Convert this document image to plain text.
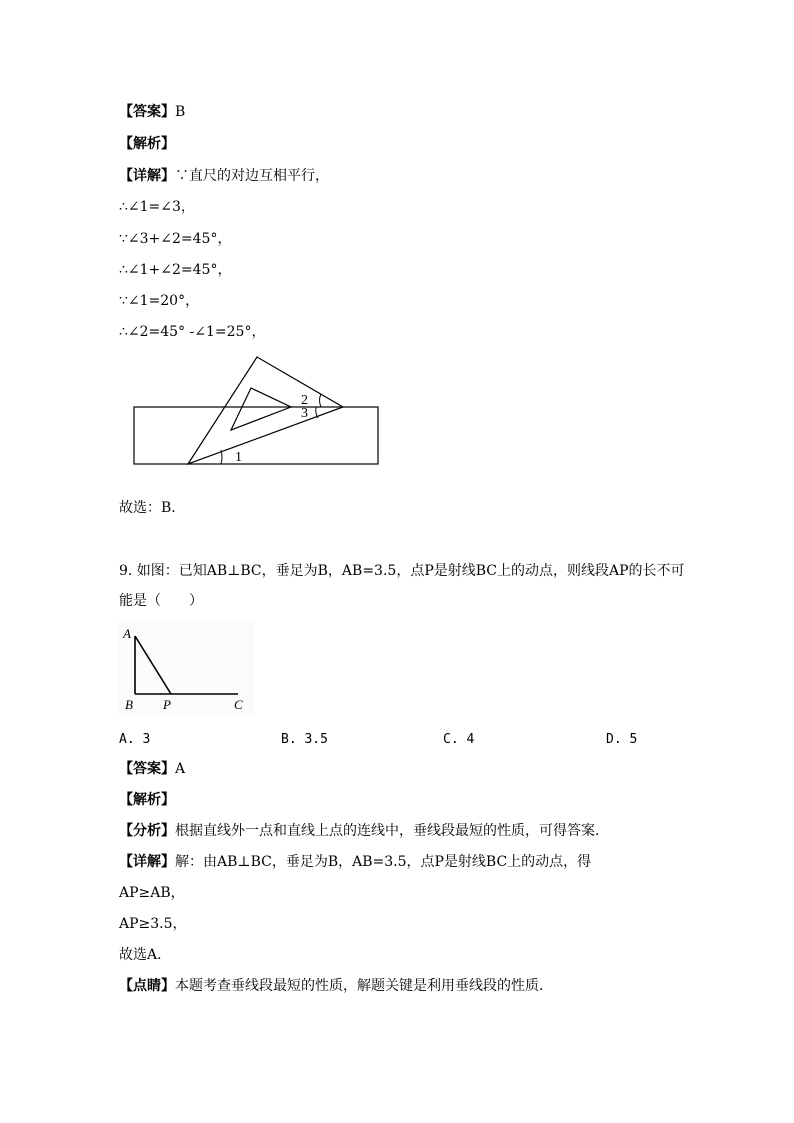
【答案】B
【解析】
【详解】∵直尺的对边互相平行，
∴∠1=∠3，
∵∠3+∠2=45°，
∴∠1+∠2=45°，
∵∠1=20°，
∴∠2=45° -∠1=25°，
2
3
1
故选：B．
9. 如图：已知AB⊥BC，垂足为B，AB=3.5，点P是射线BC上的动点，则线段AP的长不可
能是（　　）
A
B P	C
A. 3	B. 3.5	C. 4	D. 5
【答案】A
【解析】
【分析】根据直线外一点和直线上点的连线中，垂线段最短的性质，可得答案．
【详解】解：由AB⊥BC，垂足为B，AB=3.5，点P是射线BC上的动点，得
AP≥AB，
AP≥3.5，
故选A．
【点睛】本题考查垂线段最短的性质，解题关键是利用垂线段的性质．
